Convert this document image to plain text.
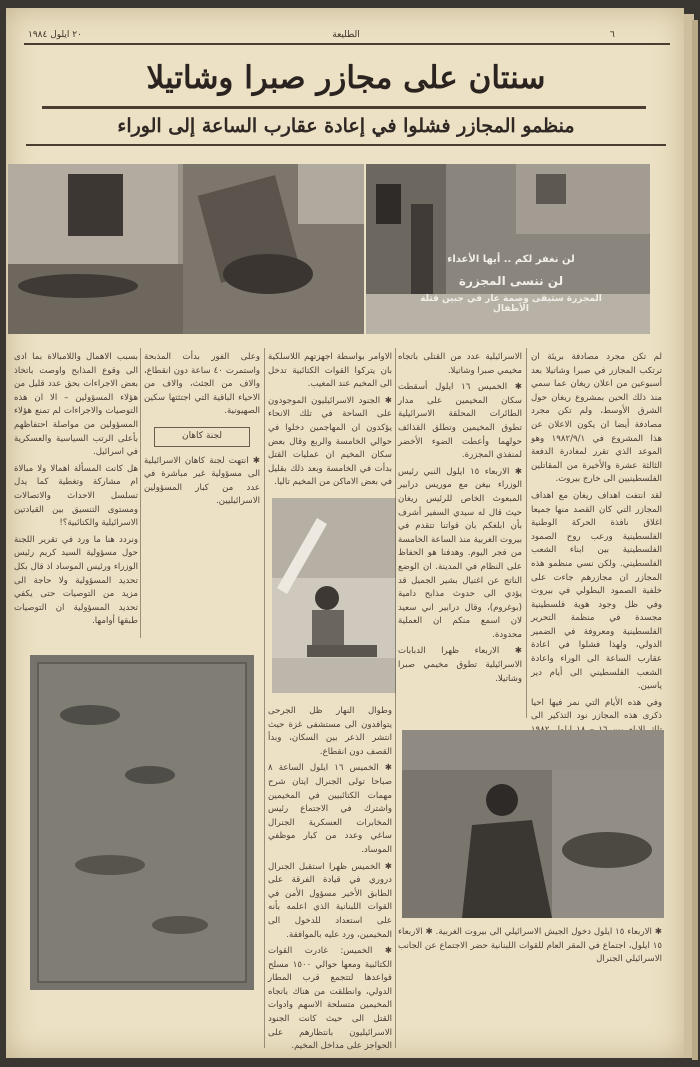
٦
الطليعة
٢٠ ايلول ١٩٨٤
سنتان على مجازر صبرا وشاتيلا
منظمو المجازر فشلوا في إعادة عقارب الساعة إلى الوراء
لن نغفر لكم .. أيها الأعداء
لن ننسى المجزرة
المجزرة ستبقى وصمة عار في جبين قتلة الأطفال

لم تكن مجرد مصادفة بريئة ان ترتكب المجازر في صبرا وشاتيلا بعد أسبوعين من اعلان ريغان عما سمي منذ ذلك الحين بمشروع ريغان حول الشرق الأوسط، ولم تكن مجرد مصادفة أيضا ان يكون الاعلان عن هذا المشروع في ١٩٨٢/٩/١ وهو الموعد الذي تقرر لمغادرة الدفعة الثالثة عشرة والأخيرة من المقاتلين الفلسطينيين الى خارج بيروت.

لقد انتفت اهداف ريغان مع اهداف المجازر التي كان القصد منها جميعا اغلاق نافذة الحركة الوطنية الفلسطينية ورعب روح الصمود الفلسطينية بين ابناء الشعب الفلسطيني. ولكن نسي منظمو هذه المجازر ان مجازرهم جاءت على خلفية الصمود البطولي في بيروت وفي ظل وجود هوية فلسطينية مجسدة في منظمة التحرير الفلسطينية ومعروفة في الضمير الدولي، ولهذا فشلوا في اعادة عقارب الساعة الى الوراء واعادة الشعب الفلسطيني الى أيام دير ياسين.

وفي هذه الأيام التي نمر فيها احيا ذكرى هذه المجازر نود التذكير الى

الاسرائيلية عدد من القتلى باتجاه مخيمي صبرا وشاتيلا.

✱ الخميس ١٦ ايلول أسقطت سكان المخيمين على مدار الطائرات المحلقة الاسرائيلية تطوق المخيمين وتطلق القذائف حولهما وأعطت الضوء الأخضر لمنفذي المجزرة.

✱ الاربعاء ١٥ ايلول النبي رئيس الوزراء بيغن مع موريس درابير المبعوث الخاص للرئيس ريغان حيث قال له سيدي السفير أشرف بأن ابلغكم بان قواتنا تتقدم في بيروت الغربية منذ الساعة الخامسة من فجر اليوم. وهدفنا هو الحفاظ على النظام في المدينة. ان الوضع الناتج عن اغتيال بشير الجميل قد يؤدي الى حدوث مذابح دامية (بوغروم)، وقال درابير اني سعيد لان اسمع منكم ان العملية محدودة.

✱ الاربعاء ظهرا الدبابات الاسرائيلية تطوق مخيمي صبرا وشاتيلا.

الاوامر بواسطة اجهزتهم اللاسلكية بان يتركوا القوات الكتائبية تدخل الى المخيم عند المغيب.

✱ الجنود الاسرائيليون الموجودون على الساحة في تلك الانحاء يؤكدون ان المهاجمين دخلوا في حوالي الخامسة والربع وقال بعض سكان المخيم ان عمليات القتل بدأت في الخامسة وبعد ذلك بقليل في بعض الاماكن من المخيم تاليا.

وعلى الفور بدأت المذبحة واستمرت ٤٠ ساعة دون انقطاع، والاف من الجثث، والاف من الاحياء الباقية التي اجتثتها سكين الصهيونية.

لجنة كاهان

✱ انتهت لجنة كاهان الاسرائيلية الى مسؤولية غير مباشرة في عدد من كبار المسؤولين الاسرائيليين.

بسبب الاهمال واللامبالاة بما ادى الى وقوع المذابح واوصت باتخاذ بعض الاجراءات بحق عدد قليل من هؤلاء المسؤولين – الا ان هذه التوصيات والاجراءات لم تمنع هؤلاء المسؤولين من مواصلة احتفاظهم بأعلى الرتب السياسية والعسكرية في اسرائيل.

هل كانت المسألة اهمالا ولا مبالاة ام مشاركة وتغطية كما يدل تسلسل الاحداث والاتصالات ومستوى التنسيق بين القيادتين الاسرائيلية والكتائبية؟!

ونردد هنا ما ورد في تقرير اللجنة حول مسؤولية السيد كريم رئيس الوزراء ورئيس الموساد اذ قال بكل تحديد المسؤولية ولا حاجة الى مزيد من التوصيات حتى يكفي تحديد المسؤولية ان التوصيات طبقها أوامها.

وطوال النهار ظل الجرحى يتوافدون الى مستشفى غزة حيث انتشر الذعر بين السكان، وبدأ القصف دون انقطاع.

✱ الخميس ١٦ ايلول الساعة ٨ صباحا تولى الجنرال ايتان شرح مهمات الكتائبيين في المخيمين واشترك في الاجتماع رئيس المخابرات العسكرية الجنرال ساغي وعدد من كبار موظفي الموساد.

✱ الخميس ظهرا استقبل الجنرال دروري في قيادة الفرقة على الطابق الأخير مسؤول الأمن في القوات اللبنانية الذي اعلمه بأنه على استعداد للدخول الى المخيمين، ورد عليه بالموافقة.

✱ الخميس: غادرت القوات الكتائبية ومعها حوالي ١٥٠٠ مسلح قواعدها لتتجمع قرب المطار الدولي، وانطلقت من هناك باتجاه المخيمين متسلحة الاسهم وادوات القتل الى حيث كانت الجنود الاسرائيليون بانتظارهم على الحواجز على مداخل المخيم.

✱ الاربعاء ١٥ ايلول دخول الجيش الاسرائيلي الى بيروت الغربية. ✱ الاربعاء ١٥ ايلول، اجتماع في المقر العام للقوات اللبنانية حضر الاجتماع عن الجانب الاسرائيلي الجنرال
